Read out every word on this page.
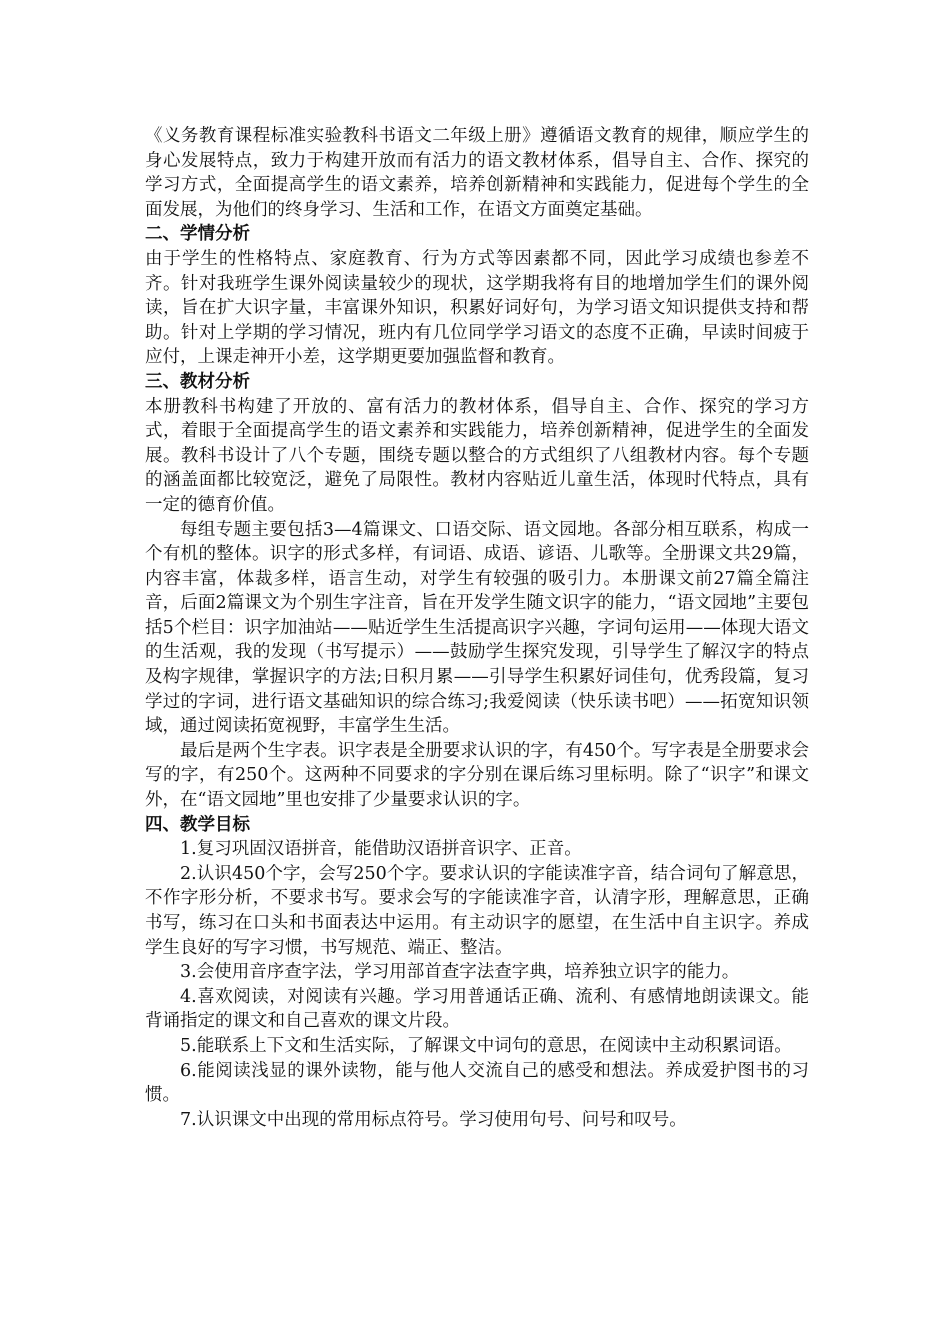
《义务教育课程标准实验教科书语文二年级上册》遵循语文教育的规律，顺应学生的身心发展特点，致力于构建开放而有活力的语文教材体系，倡导自主、合作、探究的学习方式，全面提高学生的语文素养，培养创新精神和实践能力，促进每个学生的全面发展，为他们的终身学习、生活和工作，在语文方面奠定基础。

二、学情分析

由于学生的性格特点、家庭教育、行为方式等因素都不同，因此学习成绩也参差不齐。针对我班学生课外阅读量较少的现状，这学期我将有目的地增加学生们的课外阅读，旨在扩大识字量，丰富课外知识，积累好词好句，为学习语文知识提供支持和帮助。针对上学期的学习情况，班内有几位同学学习语文的态度不正确，早读时间疲于应付，上课走神开小差，这学期更要加强监督和教育。

三、教材分析

本册教科书构建了开放的、富有活力的教材体系，倡导自主、合作、探究的学习方式，着眼于全面提高学生的语文素养和实践能力，培养创新精神，促进学生的全面发展。教科书设计了八个专题，围绕专题以整合的方式组织了八组教材内容。每个专题的涵盖面都比较宽泛，避免了局限性。教材内容贴近儿童生活，体现时代特点，具有一定的德育价值。

每组专题主要包括3—4篇课文、口语交际、语文园地。各部分相互联系，构成一个有机的整体。识字的形式多样，有词语、成语、谚语、儿歌等。全册课文共29篇，内容丰富，体裁多样，语言生动，对学生有较强的吸引力。本册课文前27篇全篇注音，后面2篇课文为个别生字注音，旨在开发学生随文识字的能力，“语文园地”主要包括5个栏目：识字加油站——贴近学生生活提高识字兴趣，字词句运用——体现大语文的生活观，我的发现（书写提示）——鼓励学生探究发现，引导学生了解汉字的特点及构字规律，掌握识字的方法;日积月累——引导学生积累好词佳句，优秀段篇，复习学过的字词，进行语文基础知识的综合练习;我爱阅读（快乐读书吧）——拓宽知识领域，通过阅读拓宽视野，丰富学生生活。

最后是两个生字表。识字表是全册要求认识的字，有450个。写字表是全册要求会写的字，有250个。这两种不同要求的字分别在课后练习里标明。除了“识字”和课文外，在“语文园地”里也安排了少量要求认识的字。

四、教学目标

1.复习巩固汉语拼音，能借助汉语拼音识字、正音。

2.认识450个字，会写250个字。要求认识的字能读准字音，结合词句了解意思，不作字形分析，不要求书写。要求会写的字能读准字音，认清字形，理解意思，正确书写，练习在口头和书面表达中运用。有主动识字的愿望，在生活中自主识字。养成学生良好的写字习惯，书写规范、端正、整洁。

3.会使用音序查字法，学习用部首查字法查字典，培养独立识字的能力。

4.喜欢阅读，对阅读有兴趣。学习用普通话正确、流利、有感情地朗读课文。能背诵指定的课文和自己喜欢的课文片段。

5.能联系上下文和生活实际，了解课文中词句的意思，在阅读中主动积累词语。

6.能阅读浅显的课外读物，能与他人交流自己的感受和想法。养成爱护图书的习惯。

7.认识课文中出现的常用标点符号。学习使用句号、问号和叹号。
